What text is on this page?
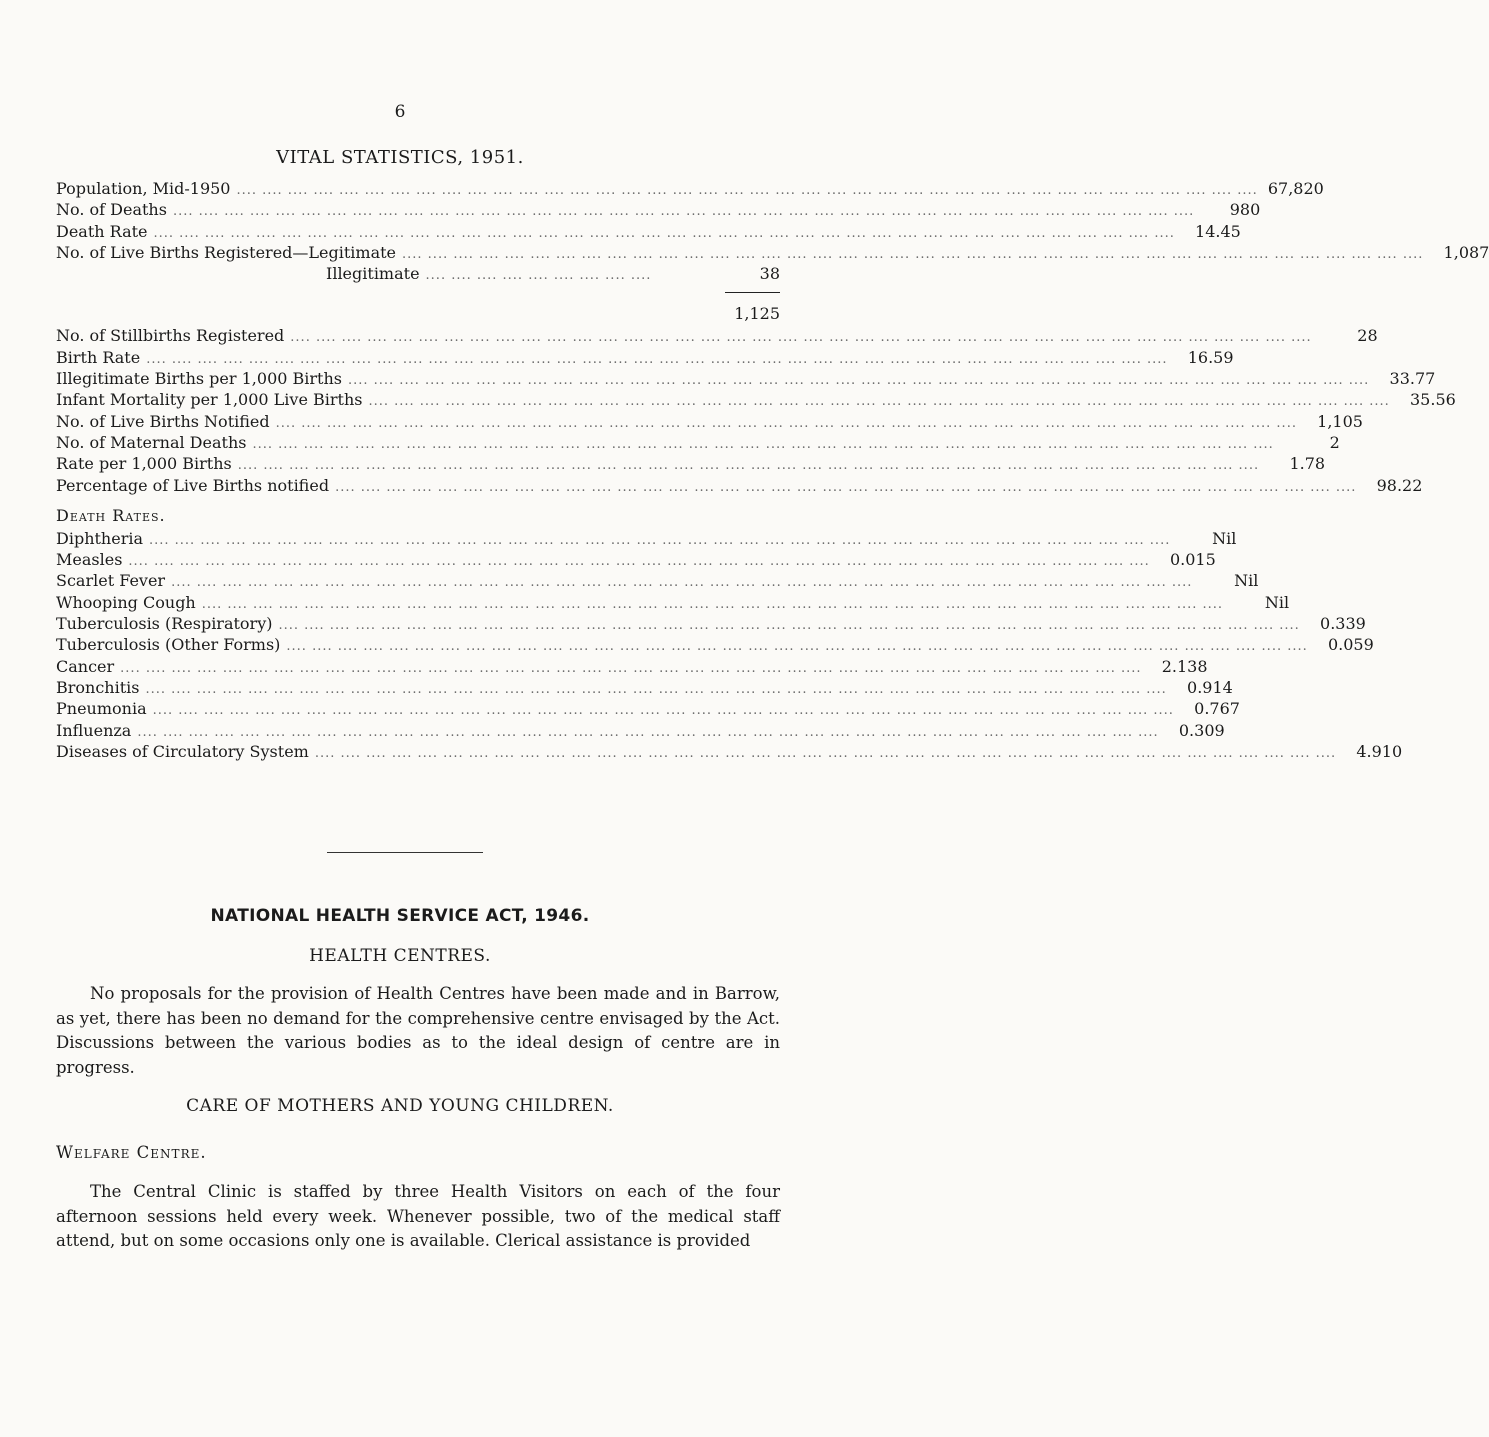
6
VITAL STATISTICS, 1951.
Population, Mid-1950 .... .... .... .... .... .... .... .... .... .... .... .... .... .... .... .... .... .... .... .... .... .... .... .... .... .... .... .... .... .... .... .... .... .... .... .... .... .... .... .... 67,820
No. of Deaths .... .... .... .... .... .... .... .... .... .... .... .... .... .... .... .... .... .... .... .... .... .... .... .... .... .... .... .... .... .... .... .... .... .... .... .... .... .... .... ....	980
Death Rate .... .... .... .... .... .... .... .... .... .... .... .... .... .... .... .... .... .... .... .... .... .... .... .... .... .... .... .... .... .... .... .... .... .... .... .... .... .... .... ....	14.45
No. of Live Births Registered—Legitimate .... .... .... .... .... .... .... .... .... .... .... .... .... .... .... .... .... .... .... .... .... .... .... .... .... .... .... .... .... .... .... .... .... .... .... .... .... .... .... ....	1,087
Illegitimate .... .... .... .... .... .... .... .... ....	38
1,125
No. of Stillbirths Registered .... .... .... .... .... .... .... .... .... .... .... .... .... .... .... .... .... .... .... .... .... .... .... .... .... .... .... .... .... .... .... .... .... .... .... .... .... .... .... ....	28
Birth Rate .... .... .... .... .... .... .... .... .... .... .... .... .... .... .... .... .... .... .... .... .... .... .... .... .... .... .... .... .... .... .... .... .... .... .... .... .... .... .... ....	16.59
Illegitimate Births per 1,000 Births .... .... .... .... .... .... .... .... .... .... .... .... .... .... .... .... .... .... .... .... .... .... .... .... .... .... .... .... .... .... .... .... .... .... .... .... .... .... .... ....	33.77
Infant Mortality per 1,000 Live Births .... .... .... .... .... .... .... .... .... .... .... .... .... .... .... .... .... .... .... .... .... .... .... .... .... .... .... .... .... .... .... .... .... .... .... .... .... .... .... ....	35.56
No. of Live Births Notified .... .... .... .... .... .... .... .... .... .... .... .... .... .... .... .... .... .... .... .... .... .... .... .... .... .... .... .... .... .... .... .... .... .... .... .... .... .... .... ....	1,105
No. of Maternal Deaths .... .... .... .... .... .... .... .... .... .... .... .... .... .... .... .... .... .... .... .... .... .... .... .... .... .... .... .... .... .... .... .... .... .... .... .... .... .... .... ....	2
Rate per 1,000 Births .... .... .... .... .... .... .... .... .... .... .... .... .... .... .... .... .... .... .... .... .... .... .... .... .... .... .... .... .... .... .... .... .... .... .... .... .... .... .... ....	1.78
Percentage of Live Births notified .... .... .... .... .... .... .... .... .... .... .... .... .... .... .... .... .... .... .... .... .... .... .... .... .... .... .... .... .... .... .... .... .... .... .... .... .... .... .... ....	98.22
Death Rates.
Diphtheria .... .... .... .... .... .... .... .... .... .... .... .... .... .... .... .... .... .... .... .... .... .... .... .... .... .... .... .... .... .... .... .... .... .... .... .... .... .... .... ....	Nil
Measles .... .... .... .... .... .... .... .... .... .... .... .... .... .... .... .... .... .... .... .... .... .... .... .... .... .... .... .... .... .... .... .... .... .... .... .... .... .... .... ....	0.015
Scarlet Fever .... .... .... .... .... .... .... .... .... .... .... .... .... .... .... .... .... .... .... .... .... .... .... .... .... .... .... .... .... .... .... .... .... .... .... .... .... .... .... ....	Nil
Whooping Cough .... .... .... .... .... .... .... .... .... .... .... .... .... .... .... .... .... .... .... .... .... .... .... .... .... .... .... .... .... .... .... .... .... .... .... .... .... .... .... ....	Nil
Tuberculosis (Respiratory) .... .... .... .... .... .... .... .... .... .... .... .... .... .... .... .... .... .... .... .... .... .... .... .... .... .... .... .... .... .... .... .... .... .... .... .... .... .... .... ....	0.339
Tuberculosis (Other Forms) .... .... .... .... .... .... .... .... .... .... .... .... .... .... .... .... .... .... .... .... .... .... .... .... .... .... .... .... .... .... .... .... .... .... .... .... .... .... .... ....	0.059
Cancer .... .... .... .... .... .... .... .... .... .... .... .... .... .... .... .... .... .... .... .... .... .... .... .... .... .... .... .... .... .... .... .... .... .... .... .... .... .... .... ....	2.138
Bronchitis .... .... .... .... .... .... .... .... .... .... .... .... .... .... .... .... .... .... .... .... .... .... .... .... .... .... .... .... .... .... .... .... .... .... .... .... .... .... .... ....	0.914
Pneumonia .... .... .... .... .... .... .... .... .... .... .... .... .... .... .... .... .... .... .... .... .... .... .... .... .... .... .... .... .... .... .... .... .... .... .... .... .... .... .... ....	0.767
Influenza .... .... .... .... .... .... .... .... .... .... .... .... .... .... .... .... .... .... .... .... .... .... .... .... .... .... .... .... .... .... .... .... .... .... .... .... .... .... .... ....	0.309
Diseases of Circulatory System .... .... .... .... .... .... .... .... .... .... .... .... .... .... .... .... .... .... .... .... .... .... .... .... .... .... .... .... .... .... .... .... .... .... .... .... .... .... .... ....	4.910
NATIONAL HEALTH SERVICE ACT, 1946.
HEALTH CENTRES.

No proposals for the provision of Health Centres have been made and in Barrow, as yet, there has been no demand for the comprehensive centre envisaged by the Act. Discussions between the various bodies as to the ideal design of centre are in progress.

CARE OF MOTHERS AND YOUNG CHILDREN.
Welfare Centre.

The Central Clinic is staffed by three Health Visitors on each of the four afternoon sessions held every week. Whenever possible, two of the medical staff attend, but on some occasions only one is available. Clerical assistance is provided
